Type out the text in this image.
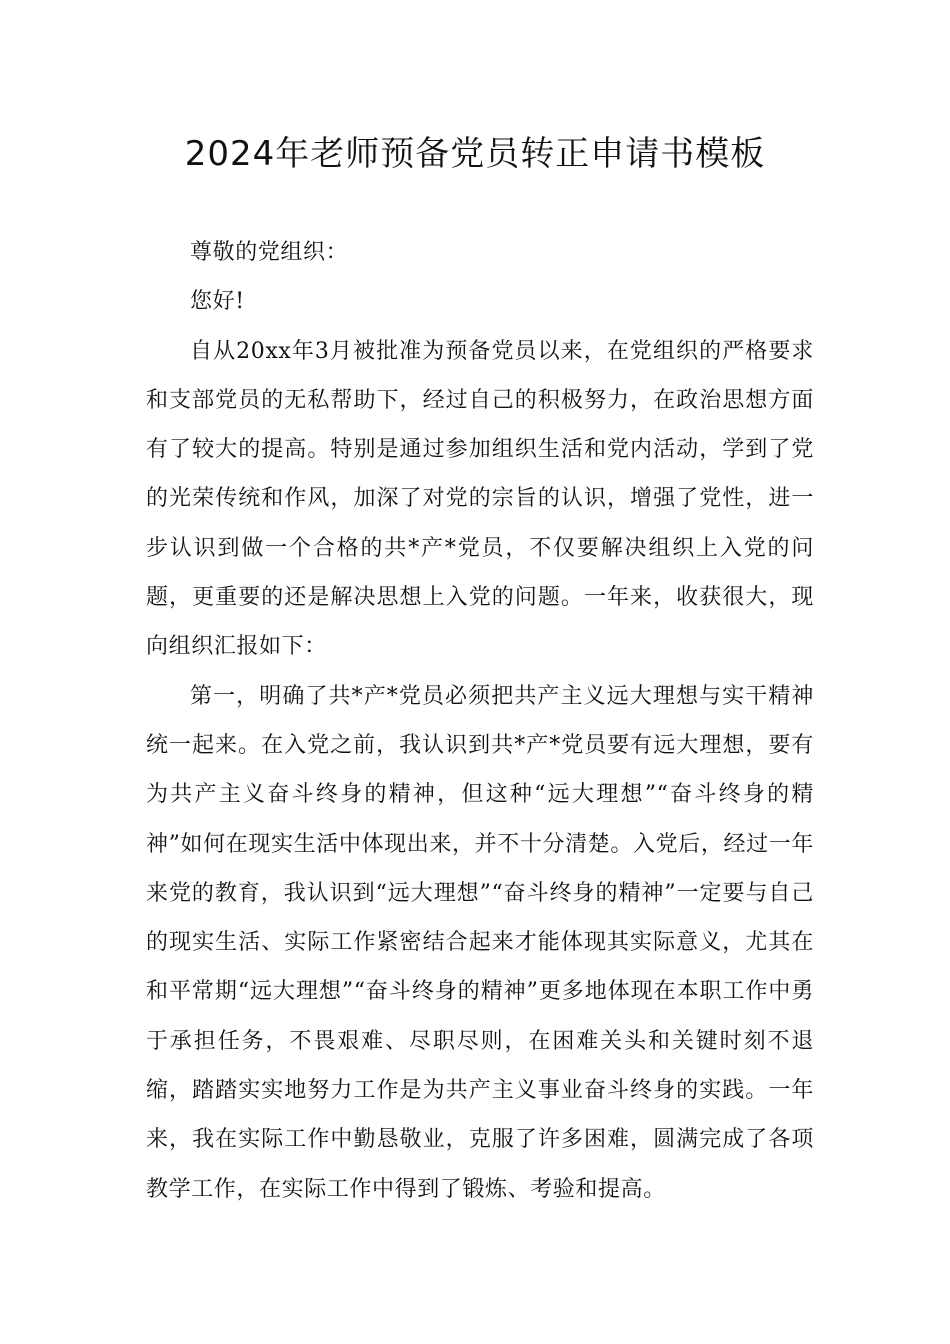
2024年老师预备党员转正申请书模板

尊敬的党组织：

您好!

自从20xx年3月被批准为预备党员以来，在党组织的严格要求和支部党员的无私帮助下，经过自己的积极努力，在政治思想方面有了较大的提高。特别是通过参加组织生活和党内活动，学到了党的光荣传统和作风，加深了对党的宗旨的认识，增强了党性，进一步认识到做一个合格的共*产*党员，不仅要解决组织上入党的问题，更重要的还是解决思想上入党的问题。一年来，收获很大，现向组织汇报如下：

第一，明确了共*产*党员必须把共产主义远大理想与实干精神统一起来。在入党之前，我认识到共*产*党员要有远大理想，要有为共产主义奋斗终身的精神，但这种“远大理想”“奋斗终身的精神”如何在现实生活中体现出来，并不十分清楚。入党后，经过一年来党的教育，我认识到“远大理想”“奋斗终身的精神”一定要与自己的现实生活、实际工作紧密结合起来才能体现其实际意义，尤其在和平常期“远大理想”“奋斗终身的精神”更多地体现在本职工作中勇于承担任务，不畏艰难、尽职尽则，在困难关头和关键时刻不退缩，踏踏实实地努力工作是为共产主义事业奋斗终身的实践。一年来，我在实际工作中勤恳敬业，克服了许多困难，圆满完成了各项教学工作，在实际工作中得到了锻炼、考验和提高。
